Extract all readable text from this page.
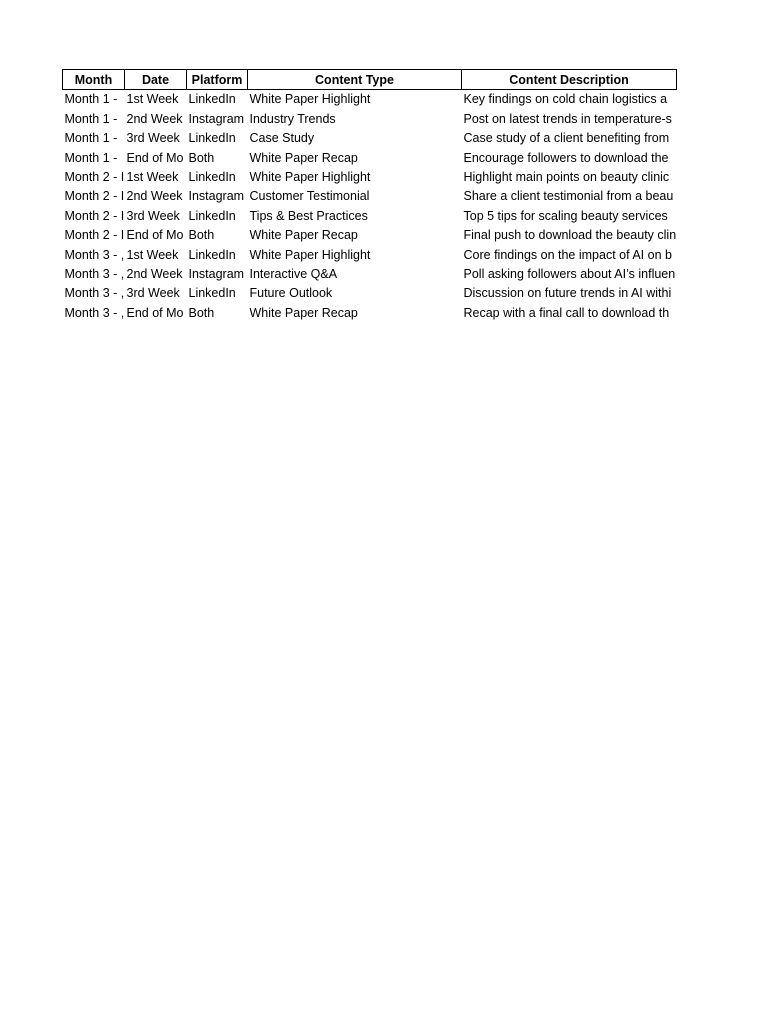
Month	Date	Platform	Content Type	Content Description
Month 1 -	1st Week	LinkedIn	White Paper Highlight	Key findings on cold chain logistics a
Month 1 -	2nd Week	Instagram	Industry Trends	Post on latest trends in temperature-s
Month 1 -	3rd Week	LinkedIn	Case Study	Case study of a client benefiting from
Month 1 -	End of Mo	Both	White Paper Recap	Encourage followers to download the
Month 2 - I	1st Week	LinkedIn	White Paper Highlight	Highlight main points on beauty clinic
Month 2 - I	2nd Week	Instagram	Customer Testimonial	Share a client testimonial from a beau
Month 2 - I	3rd Week	LinkedIn	Tips & Best Practices	Top 5 tips for scaling beauty services
Month 2 - I	End of Mo	Both	White Paper Recap	Final push to download the beauty clin
Month 3 - ,	1st Week	LinkedIn	White Paper Highlight	Core findings on the impact of AI on b
Month 3 - ,	2nd Week	Instagram	Interactive Q&A	Poll asking followers about AI’s influen
Month 3 - ,	3rd Week	LinkedIn	Future Outlook	Discussion on future trends in AI withi
Month 3 - ,	End of Mo	Both	White Paper Recap	Recap with a final call to download th
